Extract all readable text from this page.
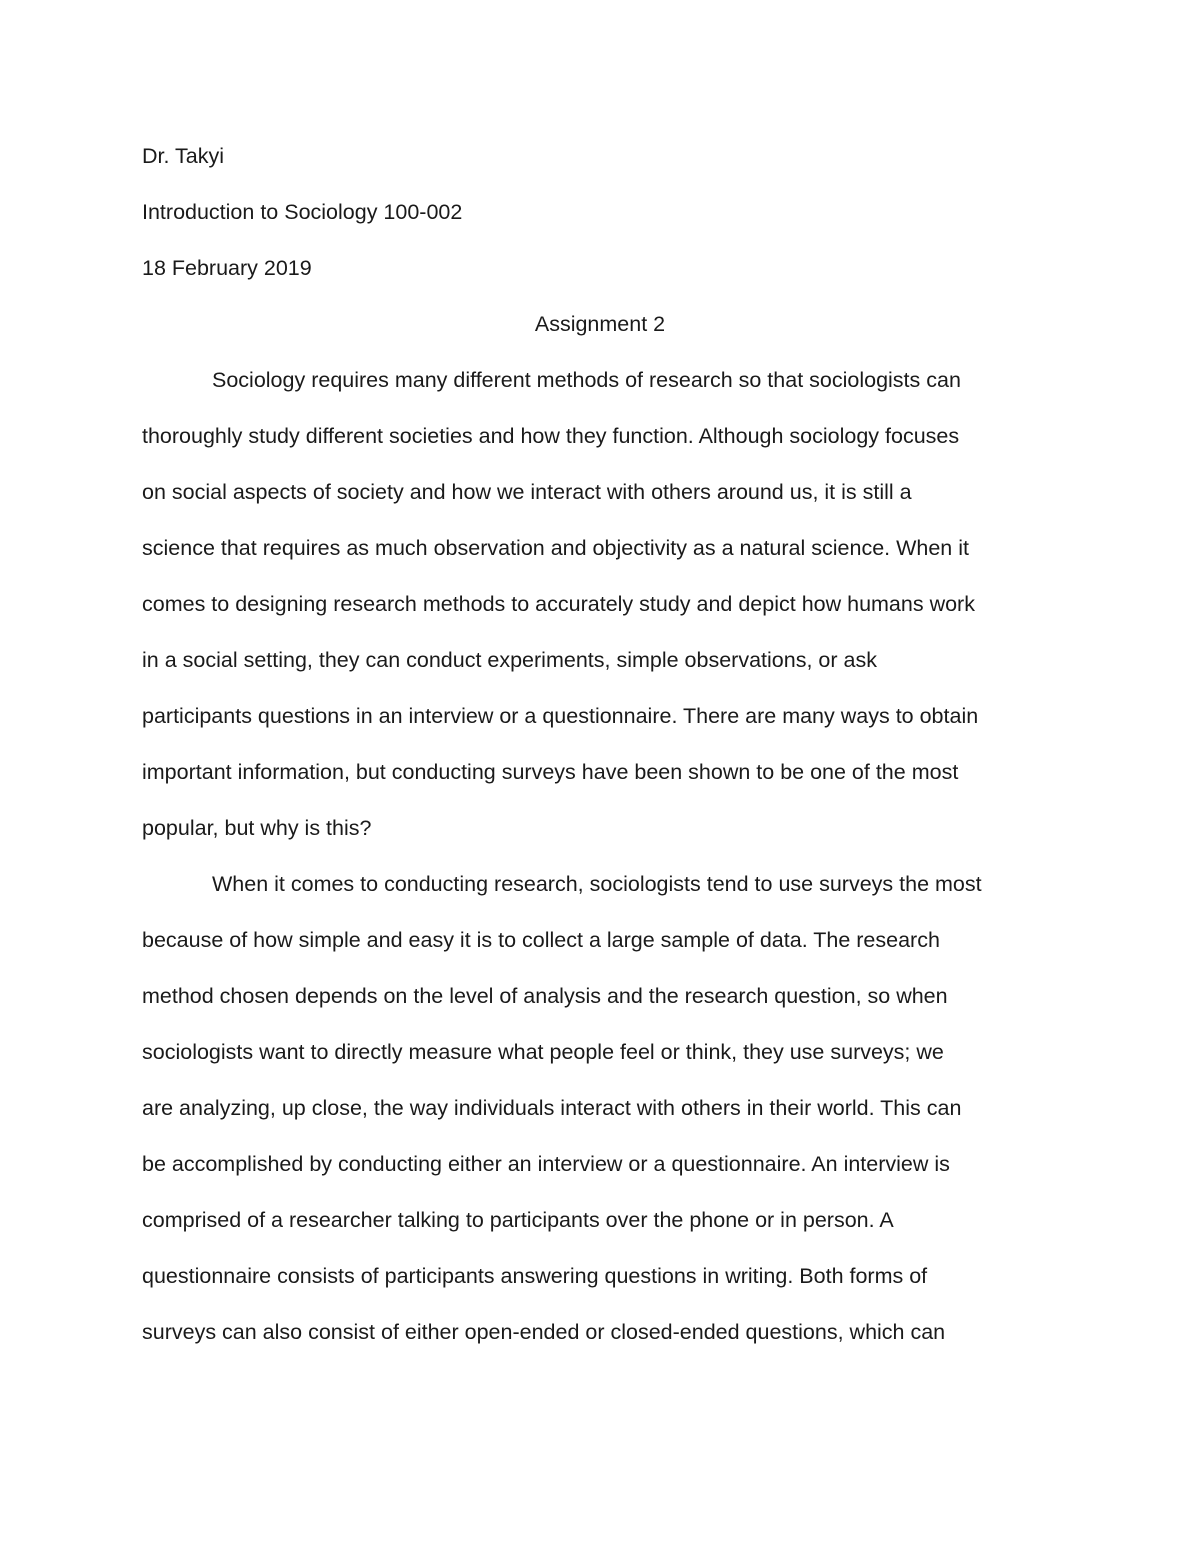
Dr. Takyi

Introduction to Sociology 100-002

18 February 2019

Assignment 2

Sociology requires many different methods of research so that sociologists can
thoroughly study different societies and how they function. Although sociology focuses
on social aspects of society and how we interact with others around us, it is still a
science that requires as much observation and objectivity as a natural science. When it
comes to designing research methods to accurately study and depict how humans work
in a social setting, they can conduct experiments, simple observations, or ask
participants questions in an interview or a questionnaire. There are many ways to obtain
important information, but conducting surveys have been shown to be one of the most
popular, but why is this?
When it comes to conducting research, sociologists tend to use surveys the most
because of how simple and easy it is to collect a large sample of data. The research
method chosen depends on the level of analysis and the research question, so when
sociologists want to directly measure what people feel or think, they use surveys; we
are analyzing, up close, the way individuals interact with others in their world. This can
be accomplished by conducting either an interview or a questionnaire. An interview is
comprised of a researcher talking to participants over the phone or in person. A
questionnaire consists of participants answering questions in writing. Both forms of
surveys can also consist of either open-ended or closed-ended questions, which can
